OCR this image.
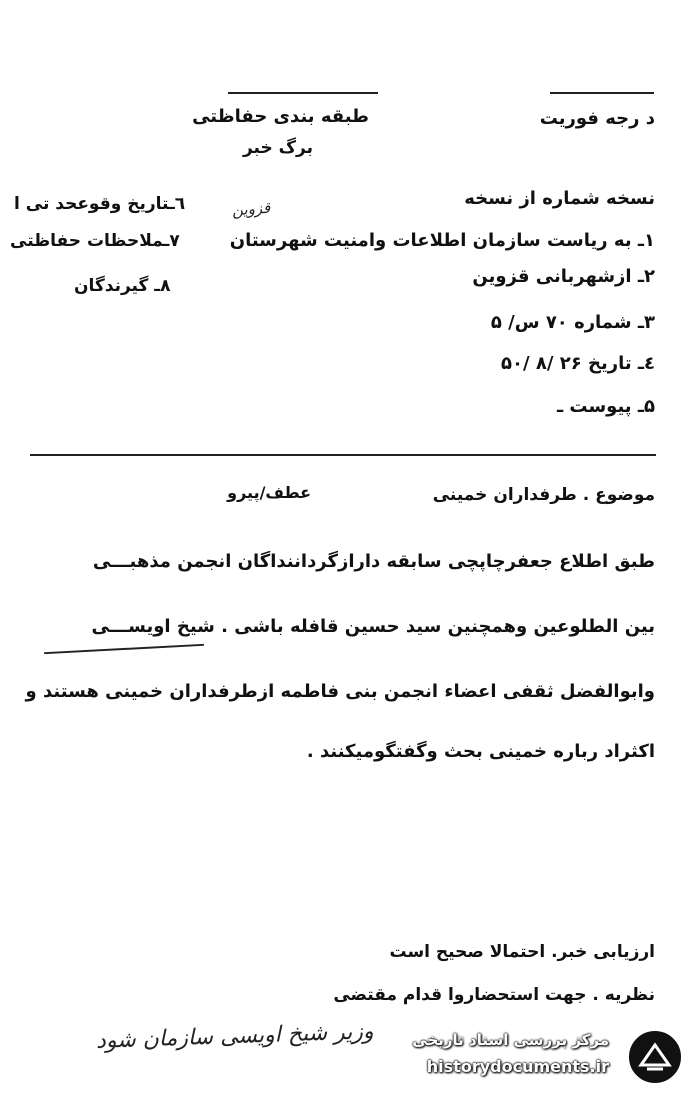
د رجه فوریت
طبقه بندی حفاظتی
برگ خبر
نسخه شماره از نسخه
قزوین
۱ـ به ریاست سازمان اطلاعات وامنیت شهرستان
۲ـ ازشهربانی قزوین
۳ـ شماره ۷۰ س/ ۵
٤ـ تاریخ ۲۶ /۸ /۵۰
۵ـ پیوست ـ
٦ـتاریخ وقوعحد تی ا
۷ـملاحظات حفاظتی
۸ـ گیرندگان
موضوع . طرفداران خمینی
عطف/پیرو
طبق اطلاع جعفرچاپچی سابقه دارازگرداننداگان انجمن مذهبـــی
بین الطلوعین وهمچنین سید حسین قافله باشی . شیخ اویســـی
وابوالفضل ثقفی اعضاء انجمن بنی فاطمه ازطرفداران خمینی هستند و
اکثراد رباره خمینی بحث وگفتگومیکنند .
ارزیابی خبر. احتمالا صحیح است
نظریه . جهت استحضاروا قدام مقتضی
وزیر شیخ اویسی سازمان شود	مرکز بررسی اسناد تاریخی
historydocuments.ir
